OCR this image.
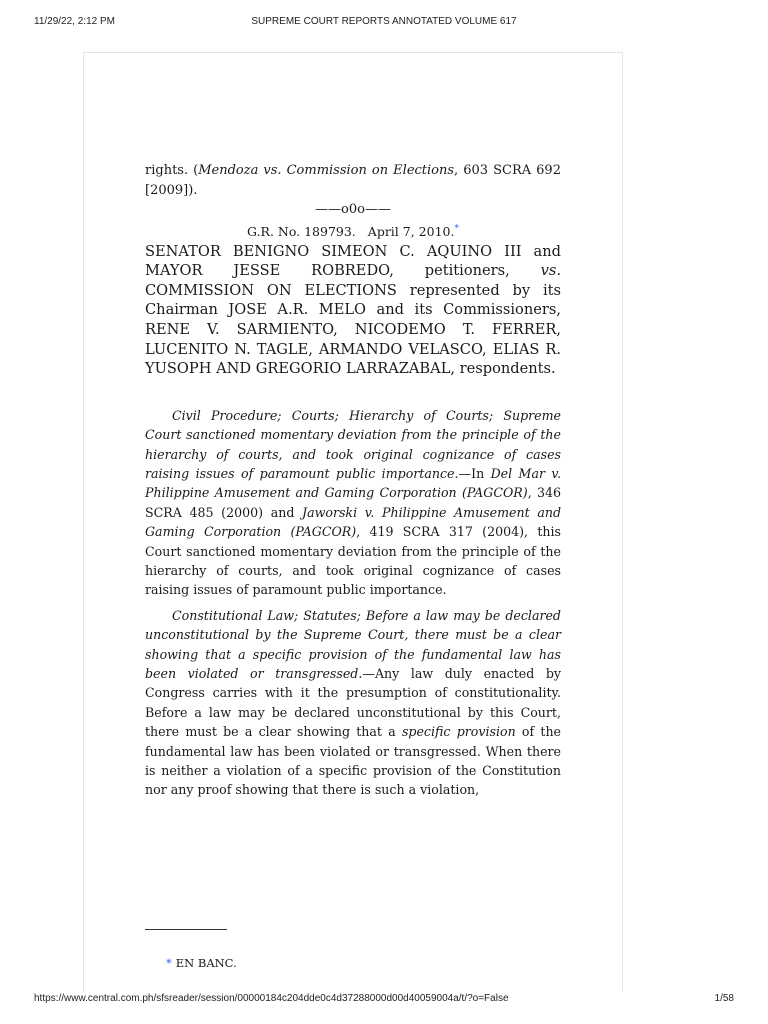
11/29/22, 2:12 PM	SUPREME COURT REPORTS ANNOTATED VOLUME 617

rights. (Mendoza vs. Commission on Elections, 603 SCRA 692 [2009]).

——o0o——

G.R. No. 189793. April 7, 2010.*

SENATOR BENIGNO SIMEON C. AQUINO III and MAYOR JESSE ROBREDO, petitioners, vs. COMMISSION ON ELECTIONS represented by its Chairman JOSE A.R. MELO and its Commissioners, RENE V. SARMIENTO, NICODEMO T. FERRER, LUCENITO N. TAGLE, ARMANDO VELASCO, ELIAS R. YUSOPH AND GREGORIO LARRAZABAL, respondents.

Civil Procedure; Courts; Hierarchy of Courts; Supreme Court sanctioned momentary deviation from the principle of the hierarchy of courts, and took original cognizance of cases raising issues of paramount public importance.—In Del Mar v. Philippine Amusement and Gaming Corporation (PAGCOR), 346 SCRA 485 (2000) and Jaworski v. Philippine Amusement and Gaming Corporation (PAGCOR), 419 SCRA 317 (2004), this Court sanctioned momentary deviation from the principle of the hierarchy of courts, and took original cognizance of cases raising issues of paramount public importance.

Constitutional Law; Statutes; Before a law may be declared unconstitutional by the Supreme Court, there must be a clear showing that a specific provision of the fundamental law has been violated or transgressed.—Any law duly enacted by Congress carries with it the presumption of constitutionality. Before a law may be declared unconstitutional by this Court, there must be a clear showing that a specific provision of the fundamental law has been violated or transgressed. When there is neither a violation of a specific provision of the Constitution nor any proof showing that there is such a violation,

* EN BANC.
https://www.central.com.ph/sfsreader/session/00000184c204dde0c4d37288000d00d40059004a/t/?o=False	1/58
